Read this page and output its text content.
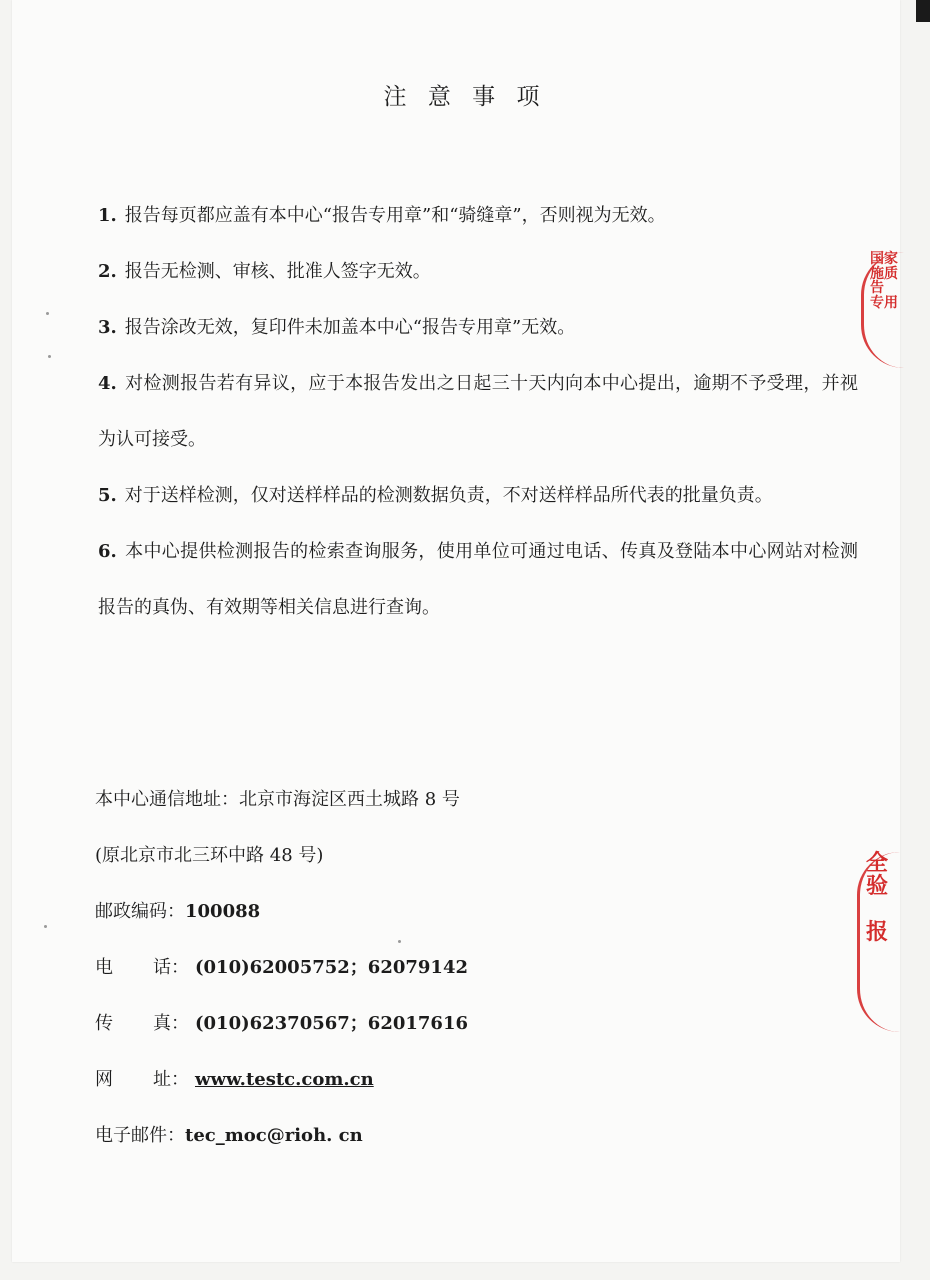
注 意 事 项

1. 报告每页都应盖有本中心“报告专用章”和“骑缝章”，否则视为无效。

2. 报告无检测、审核、批准人签字无效。

3. 报告涂改无效，复印件未加盖本中心“报告专用章”无效。

4. 对检测报告若有异议，应于本报告发出之日起三十天内向本中心提出，逾期不予受理，并视为认可接受。

5. 对于送样检测，仅对送样样品的检测数据负责，不对送样样品所代表的批量负责。

6. 本中心提供检测报告的检索查询服务，使用单位可通过电话、传真及登陆本中心网站对检测报告的真伪、有效期等相关信息进行查询。

本中心通信地址：北京市海淀区西土城路 8 号
(原北京市北三环中路 48 号)
邮政编码：100088
电话： (010)62005752；62079142
传真： (010)62370567；62017616
网址： www.testc.com.cn
电子邮件：tec_moc@rioh. cn
国家
施质
告
专用
全
验

报
